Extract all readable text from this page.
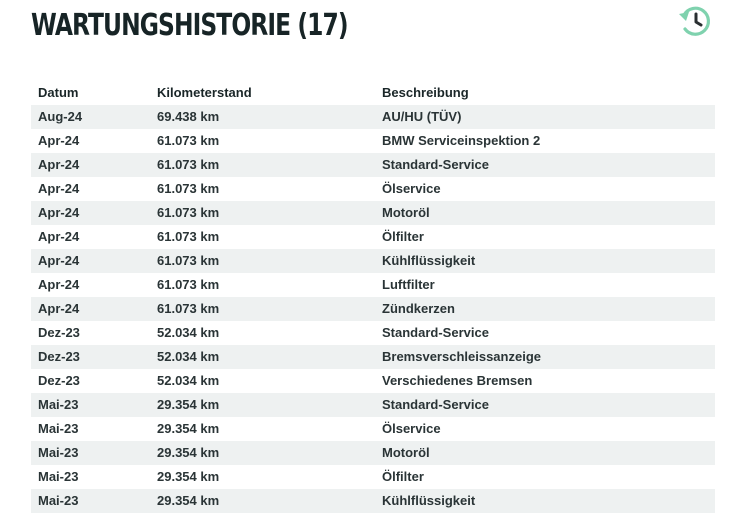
WARTUNGSHISTORIE (17)
Datum	Kilometerstand	Beschreibung
Aug-24	69.438 km	AU/HU (TÜV)
Apr-24	61.073 km	BMW Serviceinspektion 2
Apr-24	61.073 km	Standard-Service
Apr-24	61.073 km	Ölservice
Apr-24	61.073 km	Motoröl
Apr-24	61.073 km	Ölfilter
Apr-24	61.073 km	Kühlflüssigkeit
Apr-24	61.073 km	Luftfilter
Apr-24	61.073 km	Zündkerzen
Dez-23	52.034 km	Standard-Service
Dez-23	52.034 km	Bremsverschleissanzeige
Dez-23	52.034 km	Verschiedenes Bremsen
Mai-23	29.354 km	Standard-Service
Mai-23	29.354 km	Ölservice
Mai-23	29.354 km	Motoröl
Mai-23	29.354 km	Ölfilter
Mai-23	29.354 km	Kühlflüssigkeit
